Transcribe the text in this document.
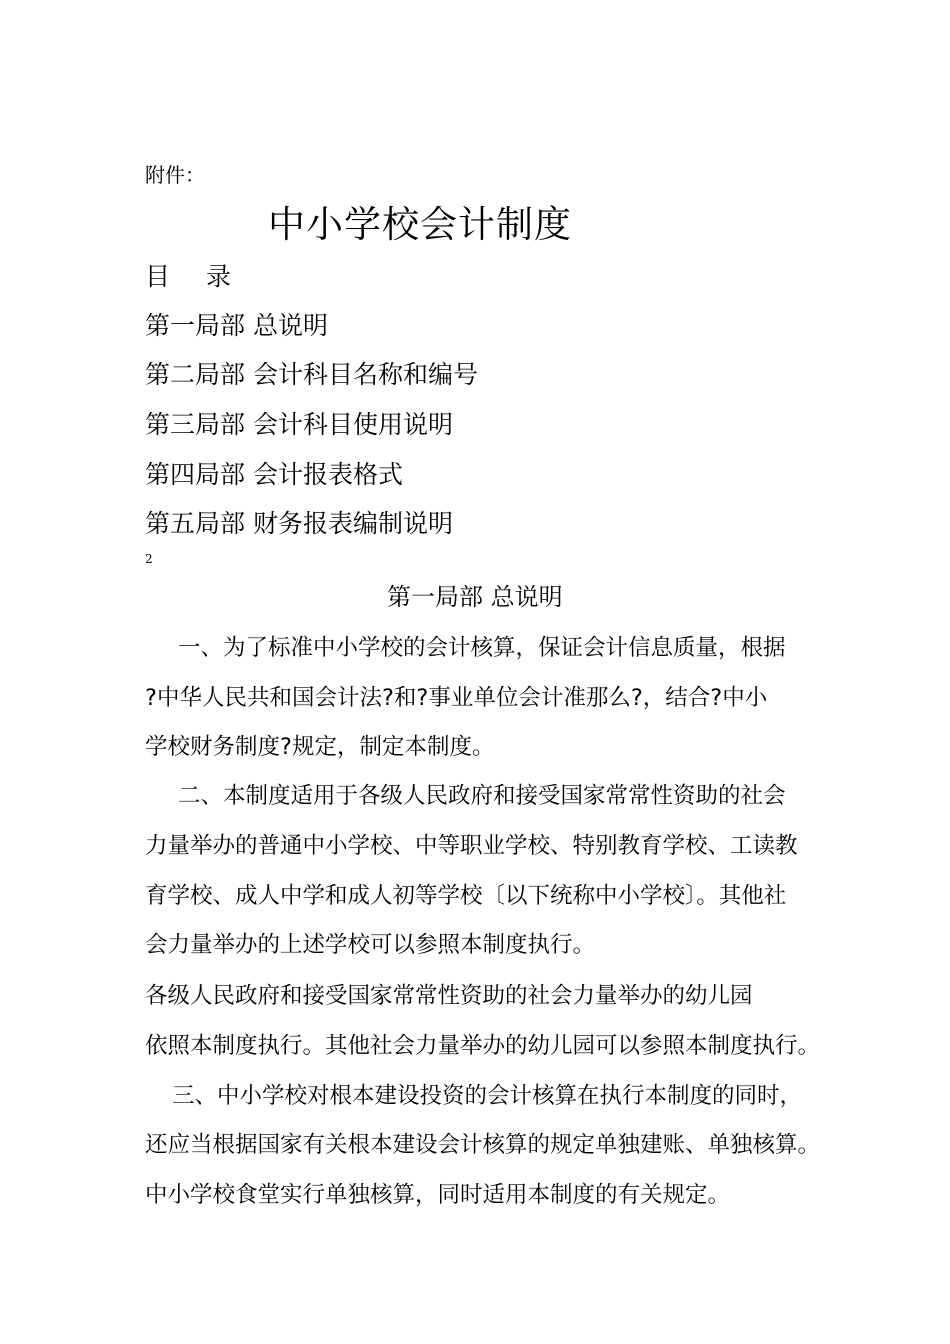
附件：
中小学校会计制度
目 录
第一局部 总说明
第二局部 会计科目名称和编号
第三局部 会计科目使用说明
第四局部 会计报表格式
第五局部 财务报表编制说明
2
第一局部 总说明
一、为了标准中小学校的会计核算，保证会计信息质量，根据
?中华人民共和国会计法?和?事业单位会计准那么?，结合?中小
学校财务制度?规定，制定本制度。
二、本制度适用于各级人民政府和接受国家常常性资助的社会
力量举办的普通中小学校、中等职业学校、特别教育学校、工读教
育学校、成人中学和成人初等学校〔以下统称中小学校〕。其他社
会力量举办的上述学校可以参照本制度执行。
各级人民政府和接受国家常常性资助的社会力量举办的幼儿园
依照本制度执行。其他社会力量举办的幼儿园可以参照本制度执行。
三、中小学校对根本建设投资的会计核算在执行本制度的同时，
还应当根据国家有关根本建设会计核算的规定单独建账、单独核算。
中小学校食堂实行单独核算，同时适用本制度的有关规定。
